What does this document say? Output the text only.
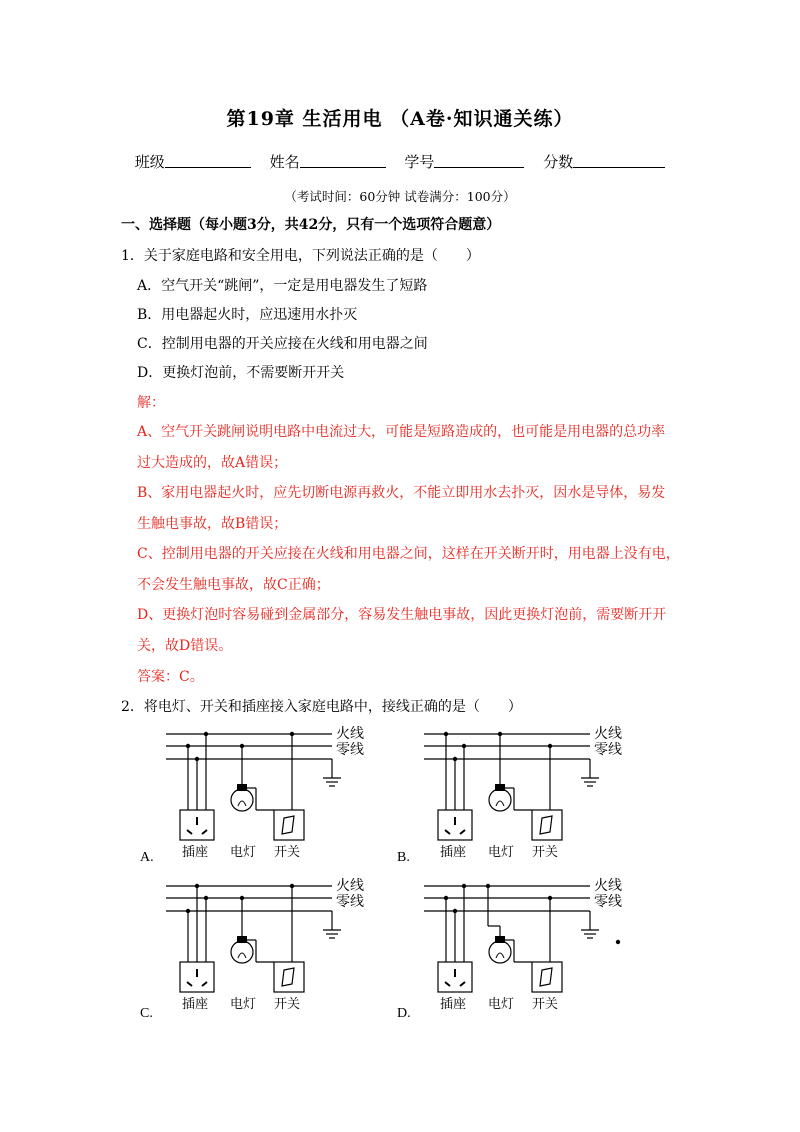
第19章 生活用电 （A卷·知识通关练）
班级	姓名	学号	分数
（考试时间：60分钟 试卷满分：100分）
一、选择题（每小题3分，共42分，只有一个选项符合题意）
1．关于家庭电路和安全用电，下列说法正确的是（　　）
A．空气开关“跳闸”，一定是用电器发生了短路
B．用电器起火时，应迅速用水扑灭
C．控制用电器的开关应接在火线和用电器之间
D．更换灯泡前，不需要断开开关
解：
A、空气开关跳闸说明电路中电流过大，可能是短路造成的，也可能是用电器的总功率
过大造成的，故A错误；
B、家用电器起火时，应先切断电源再救火，不能立即用水去扑灭，因水是导体，易发
生触电事故，故B错误；
C、控制用电器的开关应接在火线和用电器之间，这样在开关断开时，用电器上没有电，
不会发生触电事故，故C正确；
D、更换灯泡时容易碰到金属部分，容易发生触电事故，因此更换灯泡前，需要断开开
关，故D错误。
答案：C。
2．将电灯、开关和插座接入家庭电路中，接线正确的是（　　）
A.	B.
C.	D.
火线
零线
插座 电灯 开关
火线
零线
插座 电灯 开关
火线
零线
插座 电灯 开关
火线
零线
插座 电灯 开关
